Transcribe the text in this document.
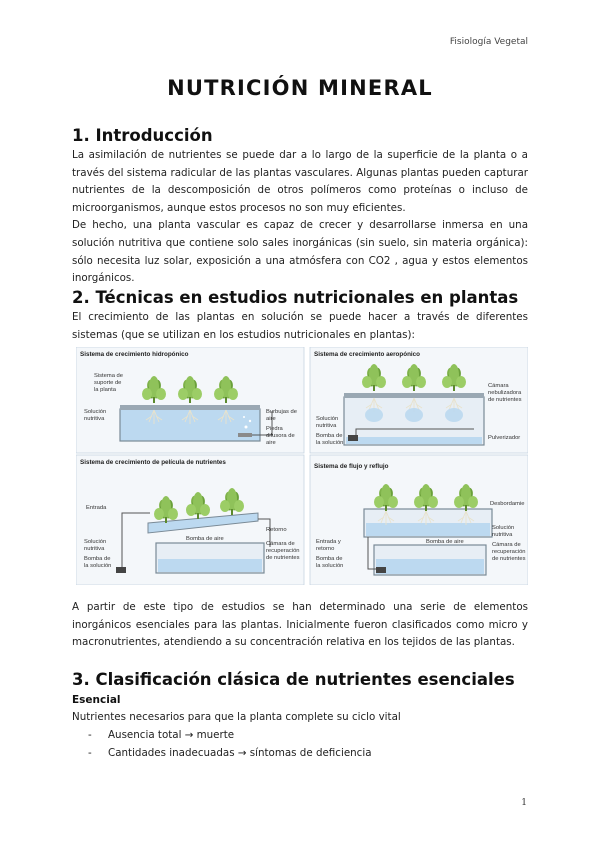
Fisiología Vegetal
NUTRICIÓN MINERAL
1. Introducción

La asimilación de nutrientes se puede dar a lo largo de la superficie de la planta o a través del sistema radicular de las plantas vasculares. Algunas plantas pueden capturar nutrientes de la descomposición de otros polímeros como proteínas o incluso de microorganismos, aunque estos procesos no son muy eficientes.

De hecho, una planta vascular es capaz de crecer y desarrollarse inmersa en una solución nutritiva que contiene solo sales inorgánicas (sin suelo, sin materia orgánica): sólo necesita luz solar, exposición a una atmósfera con CO2 , agua y estos elementos inorgánicos.

2. Técnicas en estudios nutricionales en plantas
El crecimiento de las plantas en solución se puede hacer a través de diferentes sistemas (que se utilizan en los estudios nutricionales en plantas):
Sistema de crecimiento hidropónico
Sistema de suporte de la planta Solución nutritiva Burbujas de aire Piedra difusora de aire
Sistema de crecimiento aeropónico
Cámara nebulizadora de nutrientes Solución nutritiva Bomba de la solución Pulverizador
Sistema de crecimiento de película de nutrientes
Entrada Retorno Bomba de aire Solución nutritiva Bomba de la solución Cámara de recuperación de nutrientes
Sistema de flujo y reflujo
Desbordamie Bomba de aire Entrada y retorno Bomba de la solución Solución nutritiva Cámara de recuperación de nutrientes
A partir de este tipo de estudios se han determinado una serie de elementos inorgánicos esenciales para las plantas. Inicialmente fueron clasificados como micro y macronutrientes, atendiendo a su concentración relativa en los tejidos de las plantas.
3. Clasificación clásica de nutrientes esenciales
Esencial
Nutrientes necesarios para que la planta complete su ciclo vital
- Ausencia total → muerte
- Cantidades inadecuadas → síntomas de deficiencia
1
